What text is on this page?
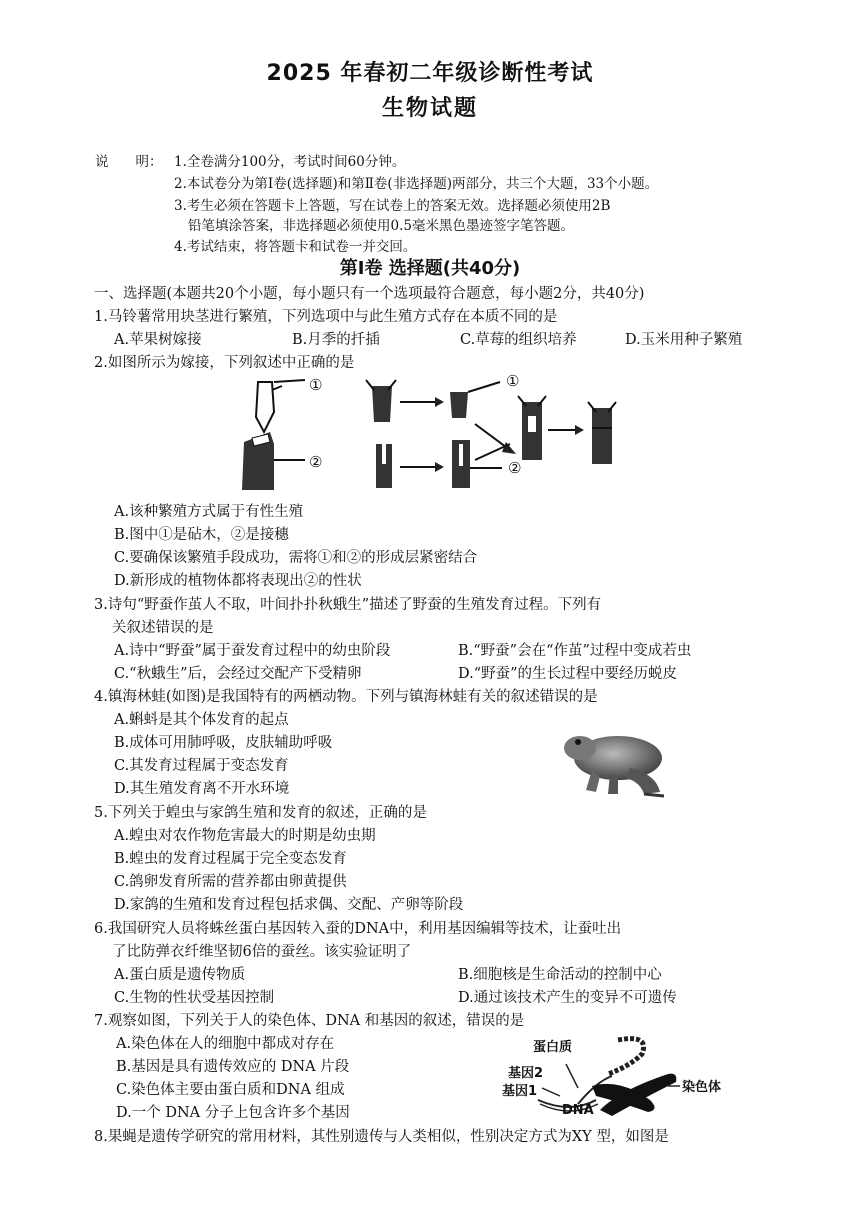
2025 年春初二年级诊断性考试
生物试题
说　　明： 1.全卷满分100分，考试时间60分钟。
2.本试卷分为第Ⅰ卷(选择题)和第Ⅱ卷(非选择题)两部分，共三个大题，33个小题。
3.考生必须在答题卡上答题，写在试卷上的答案无效。选择题必须使用2B
铅笔填涂答案，非选择题必须使用0.5毫米黑色墨迹签字笔答题。
4.考试结束，将答题卡和试卷一并交回。
第Ⅰ卷 选择题(共40分)
一、选择题(本题共20个小题，每小题只有一个选项最符合题意，每小题2分，共40分)
1.马铃薯常用块茎进行繁殖，下列选项中与此生殖方式存在本质不同的是
A.苹果树嫁接	B.月季的扦插	C.草莓的组织培养	D.玉米用种子繁殖
2.如图所示为嫁接，下列叙述中正确的是
①
②
①
②
A.该种繁殖方式属于有性生殖
B.图中①是砧木，②是接穗
C.要确保该繁殖手段成功，需将①和②的形成层紧密结合
D.新形成的植物体都将表现出②的性状
3.诗句“野蚕作茧人不取，叶间扑扑秋蛾生”描述了野蚕的生殖发育过程。下列有
关叙述错误的是
A.诗中“野蚕”属于蚕发育过程中的幼虫阶段	B.“野蚕”会在“作茧”过程中变成若虫
C.“秋蛾生”后，会经过交配产下受精卵	D.“野蚕”的生长过程中要经历蜕皮
4.镇海林蛙(如图)是我国特有的两栖动物。下列与镇海林蛙有关的叙述错误的是
A.蝌蚪是其个体发育的起点
B.成体可用肺呼吸，皮肤辅助呼吸
C.其发育过程属于变态发育
D.其生殖发育离不开水环境
5.下列关于蝗虫与家鸽生殖和发育的叙述，正确的是
A.蝗虫对农作物危害最大的时期是幼虫期
B.蝗虫的发育过程属于完全变态发育
C.鸽卵发育所需的营养都由卵黄提供
D.家鸽的生殖和发育过程包括求偶、交配、产卵等阶段
6.我国研究人员将蛛丝蛋白基因转入蚕的DNA中，利用基因编辑等技术，让蚕吐出
了比防弹衣纤维坚韧6倍的蚕丝。该实验证明了
A.蛋白质是遗传物质	B.细胞核是生命活动的控制中心
C.生物的性状受基因控制	D.通过该技术产生的变异不可遗传
7.观察如图，下列关于人的染色体、DNA 和基因的叙述，错误的是
A.染色体在人的细胞中都成对存在
B.基因是具有遗传效应的 DNA 片段
C.染色体主要由蛋白质和DNA 组成
D.一个 DNA 分子上包含许多个基因
蛋白质
基因2
基因1
DNA
染色体
8.果蝇是遗传学研究的常用材料，其性别遗传与人类相似，性别决定方式为XY 型，如图是
